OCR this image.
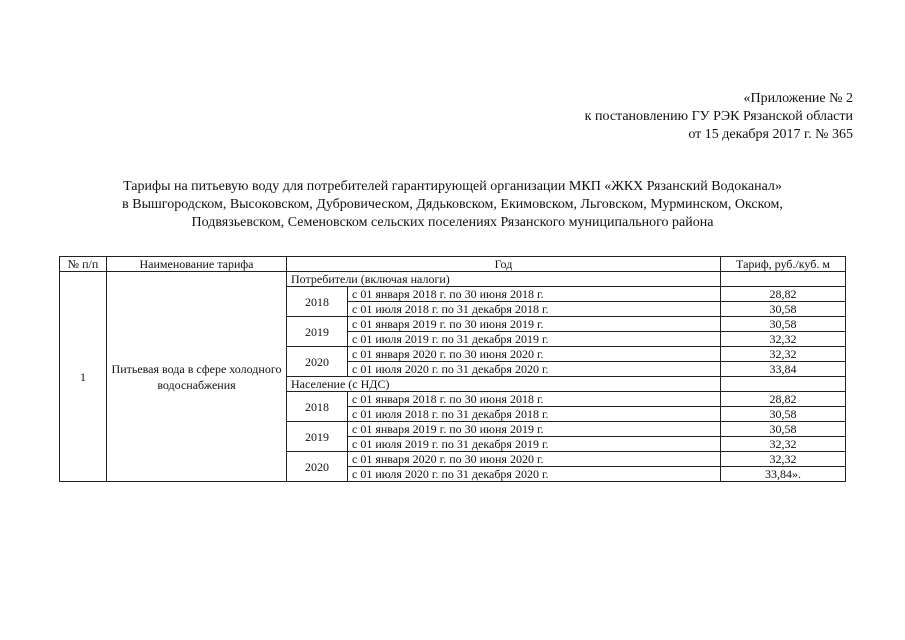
«Приложение № 2
к постановлению ГУ РЭК Рязанской области
от 15 декабря 2017 г. № 365
Тарифы на питьевую воду для потребителей гарантирующей организации МКП «ЖКХ Рязанский Водоканал»
в Вышгородском, Высоковском, Дубровическом, Дядьковском, Екимовском, Льговском, Мурминском, Окском,
Подвязьевском, Семеновском сельских поселениях Рязанского муниципального района
№ п/п	Наименование тарифа	Год		Тариф, руб./куб. м
1	Питьевая вода в сфере холодного водоснабжения	Потребители (включая налоги)		
		2018	с 01 января 2018 г. по 30 июня 2018 г.	28,82
			с 01 июля 2018 г. по 31 декабря 2018 г.	30,58
		2019	с 01 января 2019 г. по 30 июня 2019 г.	30,58
			с 01 июля 2019 г. по 31 декабря 2019 г.	32,32
		2020	с 01 января 2020 г. по 30 июня 2020 г.	32,32
			с 01 июля 2020 г. по 31 декабря 2020 г.	33,84
		Население (с НДС)		
		2018	с 01 января 2018 г. по 30 июня 2018 г.	28,82
			с 01 июля 2018 г. по 31 декабря 2018 г.	30,58
		2019	с 01 января 2019 г. по 30 июня 2019 г.	30,58
			с 01 июля 2019 г. по 31 декабря 2019 г.	32,32
		2020	с 01 января 2020 г. по 30 июня 2020 г.	32,32
			с 01 июля 2020 г. по 31 декабря 2020 г.	33,84».
